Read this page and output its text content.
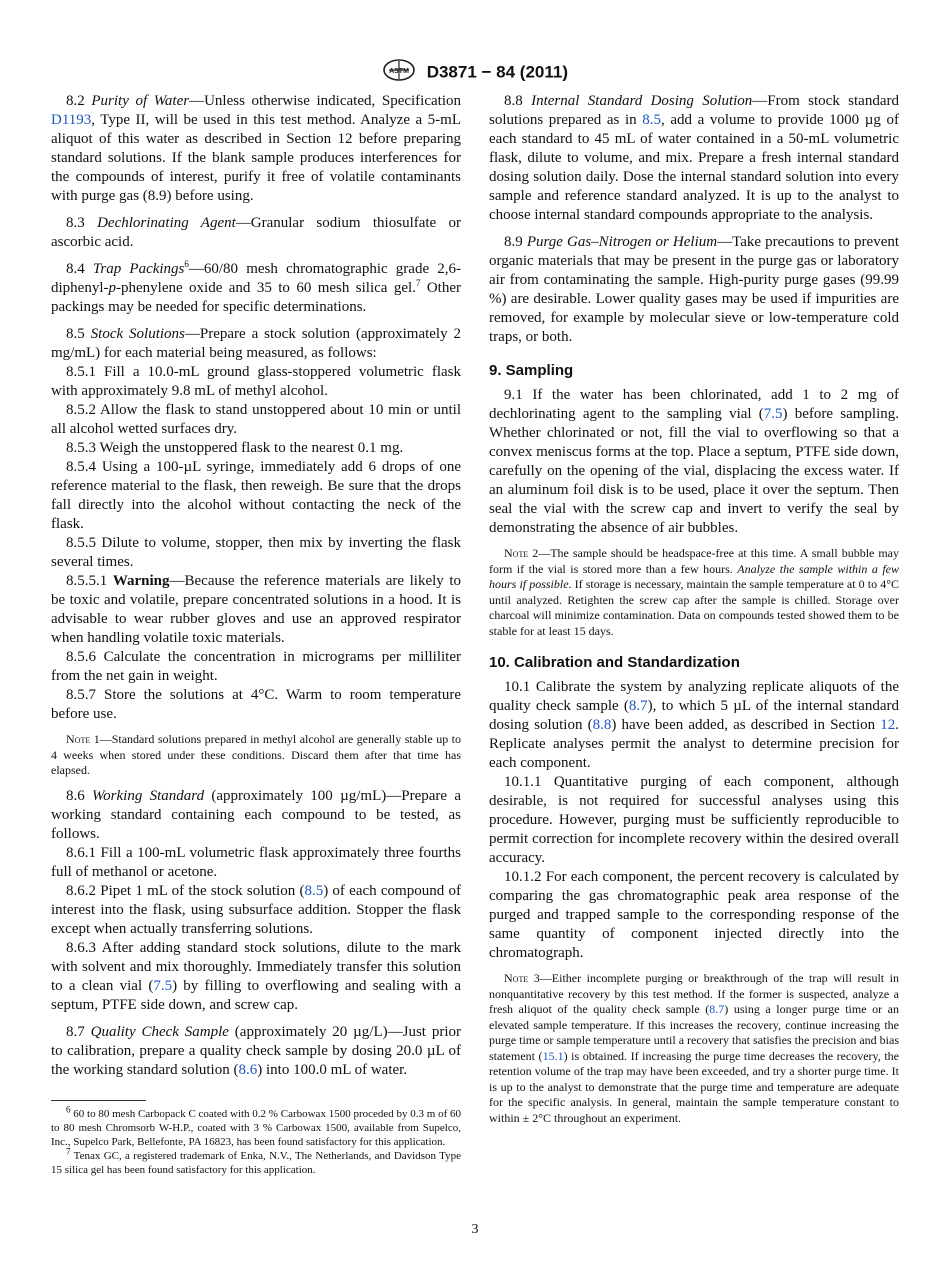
ASTM D3871 − 84 (2011)

8.2 Purity of Water—Unless otherwise indicated, Specification D1193, Type II, will be used in this test method. Analyze a 5-mL aliquot of this water as described in Section 12 before preparing standard solutions. If the blank sample produces interferences for the compounds of interest, purify it free of volatile contaminants with purge gas (8.9) before using.

8.3 Dechlorinating Agent—Granular sodium thiosulfate or ascorbic acid.

8.4 Trap Packings$^6$—60/80 mesh chromatographic grade 2,6-diphenyl-p-phenylene oxide and 35 to 60 mesh silica gel.$^7$ Other packings may be needed for specific determinations.

8.5 Stock Solutions—Prepare a stock solution (approximately 2 mg/mL) for each material being measured, as follows:

8.5.1 Fill a 10.0-mL ground glass-stoppered volumetric flask with approximately 9.8 mL of methyl alcohol.

8.5.2 Allow the flask to stand unstoppered about 10 min or until all alcohol wetted surfaces dry.

8.5.3 Weigh the unstoppered flask to the nearest 0.1 mg.

8.5.4 Using a 100-µL syringe, immediately add 6 drops of one reference material to the flask, then reweigh. Be sure that the drops fall directly into the alcohol without contacting the neck of the flask.

8.5.5 Dilute to volume, stopper, then mix by inverting the flask several times.

8.5.5.1 Warning—Because the reference materials are likely to be toxic and volatile, prepare concentrated solutions in a hood. It is advisable to wear rubber gloves and use an approved respirator when handling volatile toxic materials.

8.5.6 Calculate the concentration in micrograms per milliliter from the net gain in weight.

8.5.7 Store the solutions at 4°C. Warm to room temperature before use.

Note 1—Standard solutions prepared in methyl alcohol are generally stable up to 4 weeks when stored under these conditions. Discard them after that time has elapsed.

8.6 Working Standard (approximately 100 µg/mL)—Prepare a working standard containing each compound to be tested, as follows.

8.6.1 Fill a 100-mL volumetric flask approximately three fourths full of methanol or acetone.

8.6.2 Pipet 1 mL of the stock solution (8.5) of each compound of interest into the flask, using subsurface addition. Stopper the flask except when actually transferring solutions.

8.6.3 After adding standard stock solutions, dilute to the mark with solvent and mix thoroughly. Immediately transfer this solution to a clean vial (7.5) by filling to overflowing and sealing with a septum, PTFE side down, and screw cap.

8.7 Quality Check Sample (approximately 20 µg/L)—Just prior to calibration, prepare a quality check sample by dosing 20.0 µL of the working standard solution (8.6) into 100.0 mL of water.

$^6$ 60 to 80 mesh Carbopack C coated with 0.2 % Carbowax 1500 proceded by 0.3 m of 60 to 80 mesh Chromsorb W-H.P., coated with 3 % Carbowax 1500, available from Supelco, Inc., Supelco Park, Bellefonte, PA 16823, has been found satisfactory for this application.

$^7$ Tenax GC, a registered trademark of Enka, N.V., The Netherlands, and Davidson Type 15 silica gel has been found satisfactory for this application.

8.8 Internal Standard Dosing Solution—From stock standard solutions prepared as in 8.5, add a volume to provide 1000 µg of each standard to 45 mL of water contained in a 50-mL volumetric flask, dilute to volume, and mix. Prepare a fresh internal standard dosing solution daily. Dose the internal standard solution into every sample and reference standard analyzed. It is up to the analyst to choose internal standard compounds appropriate to the analysis.

8.9 Purge Gas–Nitrogen or Helium—Take precautions to prevent organic materials that may be present in the purge gas or laboratory air from contaminating the sample. High-purity purge gases (99.99 %) are desirable. Lower quality gases may be used if impurities are removed, for example by molecular sieve or low-temperature cold traps, or both.

9. Sampling

9.1 If the water has been chlorinated, add 1 to 2 mg of dechlorinating agent to the sampling vial (7.5) before sampling. Whether chlorinated or not, fill the vial to overflowing so that a convex meniscus forms at the top. Place a septum, PTFE side down, carefully on the opening of the vial, displacing the excess water. If an aluminum foil disk is to be used, place it over the septum. Then seal the vial with the screw cap and invert to verify the seal by demonstrating the absence of air bubbles.

Note 2—The sample should be headspace-free at this time. A small bubble may form if the vial is stored more than a few hours. Analyze the sample within a few hours if possible. If storage is necessary, maintain the sample temperature at 0 to 4°C until analyzed. Retighten the screw cap after the sample is chilled. Storage over charcoal will minimize contamination. Data on compounds tested showed them to be stable for at least 15 days.

10. Calibration and Standardization

10.1 Calibrate the system by analyzing replicate aliquots of the quality check sample (8.7), to which 5 µL of the internal standard dosing solution (8.8) have been added, as described in Section 12. Replicate analyses permit the analyst to determine precision for each component.

10.1.1 Quantitative purging of each component, although desirable, is not required for successful analyses using this procedure. However, purging must be sufficiently reproducible to permit correction for incomplete recovery within the desired overall accuracy.

10.1.2 For each component, the percent recovery is calculated by comparing the gas chromatographic peak area response of the purged and trapped sample to the corresponding response of the same quantity of component injected directly into the chromatograph.

Note 3—Either incomplete purging or breakthrough of the trap will result in nonquantitative recovery by this test method. If the former is suspected, analyze a fresh aliquot of the quality check sample (8.7) using a longer purge time or an elevated sample temperature. If this increases the recovery, continue increasing the purge time or sample temperature until a recovery that satisfies the precision and bias statement (15.1) is obtained. If increasing the purge time decreases the recovery, the retention volume of the trap may have been exceeded, and try a shorter purge time. It is up to the analyst to demonstrate that the purge time and temperature are adequate for the specific analysis. In general, maintain the sample temperature constant to within ± 2°C throughout an experiment.

3
